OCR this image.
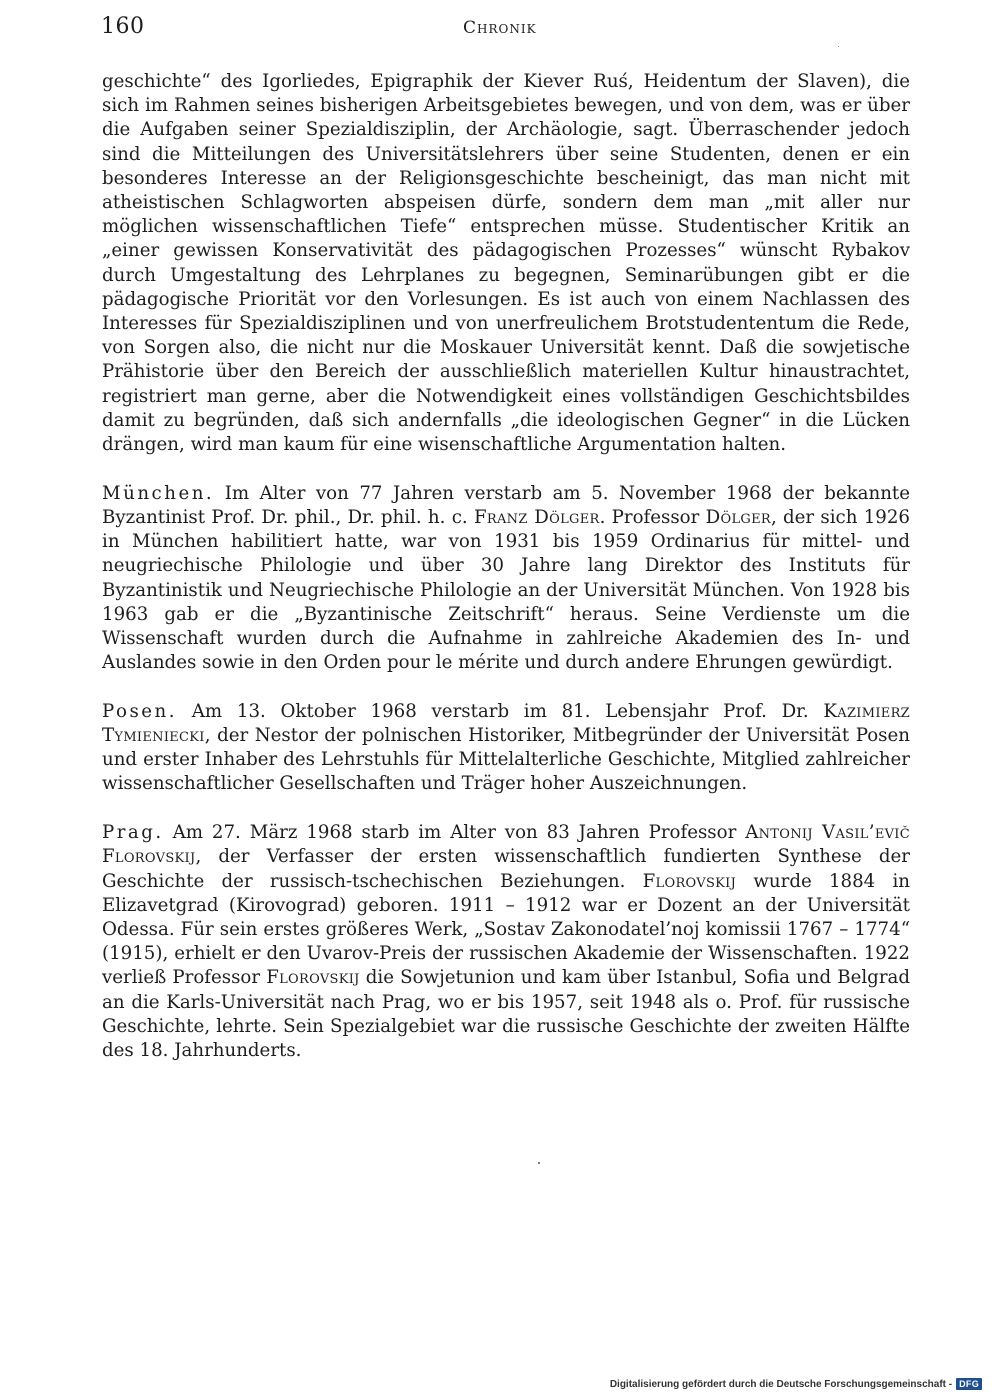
160	Chronik

geschichte“ des Igorliedes, Epigraphik der Kiever Ruś, Heidentum der Slaven), die sich im Rahmen seines bisherigen Arbeitsgebietes bewegen, und von dem, was er über die Aufgaben seiner Spezialdisziplin, der Archäologie, sagt. Überraschender jedoch sind die Mitteilungen des Universitätslehrers über seine Studenten, denen er ein besonderes Interesse an der Religionsgeschichte bescheinigt, das man nicht mit atheistischen Schlagworten abspeisen dürfe, sondern dem man „mit aller nur möglichen wissenschaftlichen Tiefe“ entsprechen müsse. Studentischer Kritik an „einer gewissen Konservativität des pädagogischen Prozesses“ wünscht Rybakov durch Umgestaltung des Lehrplanes zu begegnen, Seminarübungen gibt er die pädagogische Priorität vor den Vorlesungen. Es ist auch von einem Nachlassen des Interesses für Spezialdisziplinen und von unerfreulichem Brotstudententum die Rede, von Sorgen also, die nicht nur die Moskauer Universität kennt. Daß die sowjetische Prähistorie über den Bereich der ausschließlich materiellen Kultur hinaustrachtet, registriert man gerne, aber die Notwendigkeit eines vollständigen Geschichtsbildes damit zu begründen, daß sich andernfalls „die ideologischen Gegner“ in die Lücken drängen, wird man kaum für eine wisenschaftliche Argumentation halten.

München. Im Alter von 77 Jahren verstarb am 5. November 1968 der bekannte Byzantinist Prof. Dr. phil., Dr. phil. h. c. Franz Dölger. Professor Dölger, der sich 1926 in München habilitiert hatte, war von 1931 bis 1959 Ordinarius für mittel- und neugriechische Philologie und über 30 Jahre lang Direktor des Instituts für Byzantinistik und Neugriechische Philologie an der Universität München. Von 1928 bis 1963 gab er die „Byzantinische Zeitschrift“ heraus. Seine Verdienste um die Wissenschaft wurden durch die Aufnahme in zahlreiche Akademien des In- und Auslandes sowie in den Orden pour le mérite und durch andere Ehrungen gewürdigt.

Posen. Am 13. Oktober 1968 verstarb im 81. Lebensjahr Prof. Dr. Kazimierz Tymieniecki, der Nestor der polnischen Historiker, Mitbegründer der Universität Posen und erster Inhaber des Lehrstuhls für Mittelalterliche Geschichte, Mitglied zahlreicher wissenschaftlicher Gesellschaften und Träger hoher Auszeichnungen.

Prag. Am 27. März 1968 starb im Alter von 83 Jahren Professor Antonij Vasil’evič Florovskij, der Verfasser der ersten wissenschaftlich fundierten Synthese der Geschichte der russisch-tschechischen Beziehungen. Florovskij wurde 1884 in Elizavetgrad (Kirovograd) geboren. 1911 – 1912 war er Dozent an der Universität Odessa. Für sein erstes größeres Werk, „Sostav Zakonodatel’noj komissii 1767 – 1774“ (1915), erhielt er den Uvarov-Preis der russischen Akademie der Wissenschaften. 1922 verließ Professor Florovskij die Sowjetunion und kam über Istanbul, Sofia und Belgrad an die Karls-Universität nach Prag, wo er bis 1957, seit 1948 als o. Prof. für russische Geschichte, lehrte. Sein Spezialgebiet war die russische Geschichte der zweiten Hälfte des 18. Jahrhunderts.

Digitalisierung gefördert durch die Deutsche Forschungsgemeinschaft - DFG
